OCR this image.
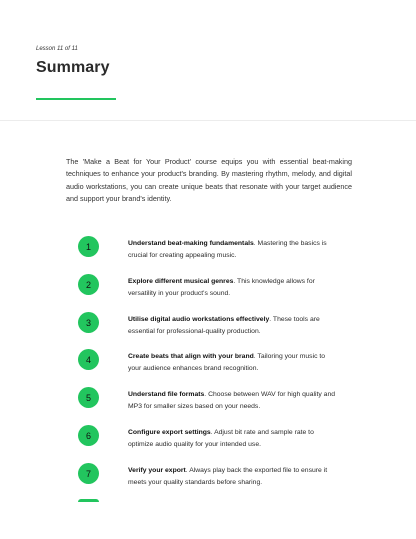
Lesson 11 of 11
Summary

The 'Make a Beat for Your Product' course equips you with essential beat-making techniques to enhance your product's branding. By mastering rhythm, melody, and digital audio workstations, you can create unique beats that resonate with your target audience and support your brand's identity.

1	Understand beat-making fundamentals. Mastering the basics is crucial for creating appealing music.
2	Explore different musical genres. This knowledge allows for versatility in your product's sound.
3	Utilise digital audio workstations effectively. These tools are essential for professional-quality production.
4	Create beats that align with your brand. Tailoring your music to your audience enhances brand recognition.
5	Understand file formats. Choose between WAV for high quality and MP3 for smaller sizes based on your needs.
6	Configure export settings. Adjust bit rate and sample rate to optimize audio quality for your intended use.
7	Verify your export. Always play back the exported file to ensure it meets your quality standards before sharing.
